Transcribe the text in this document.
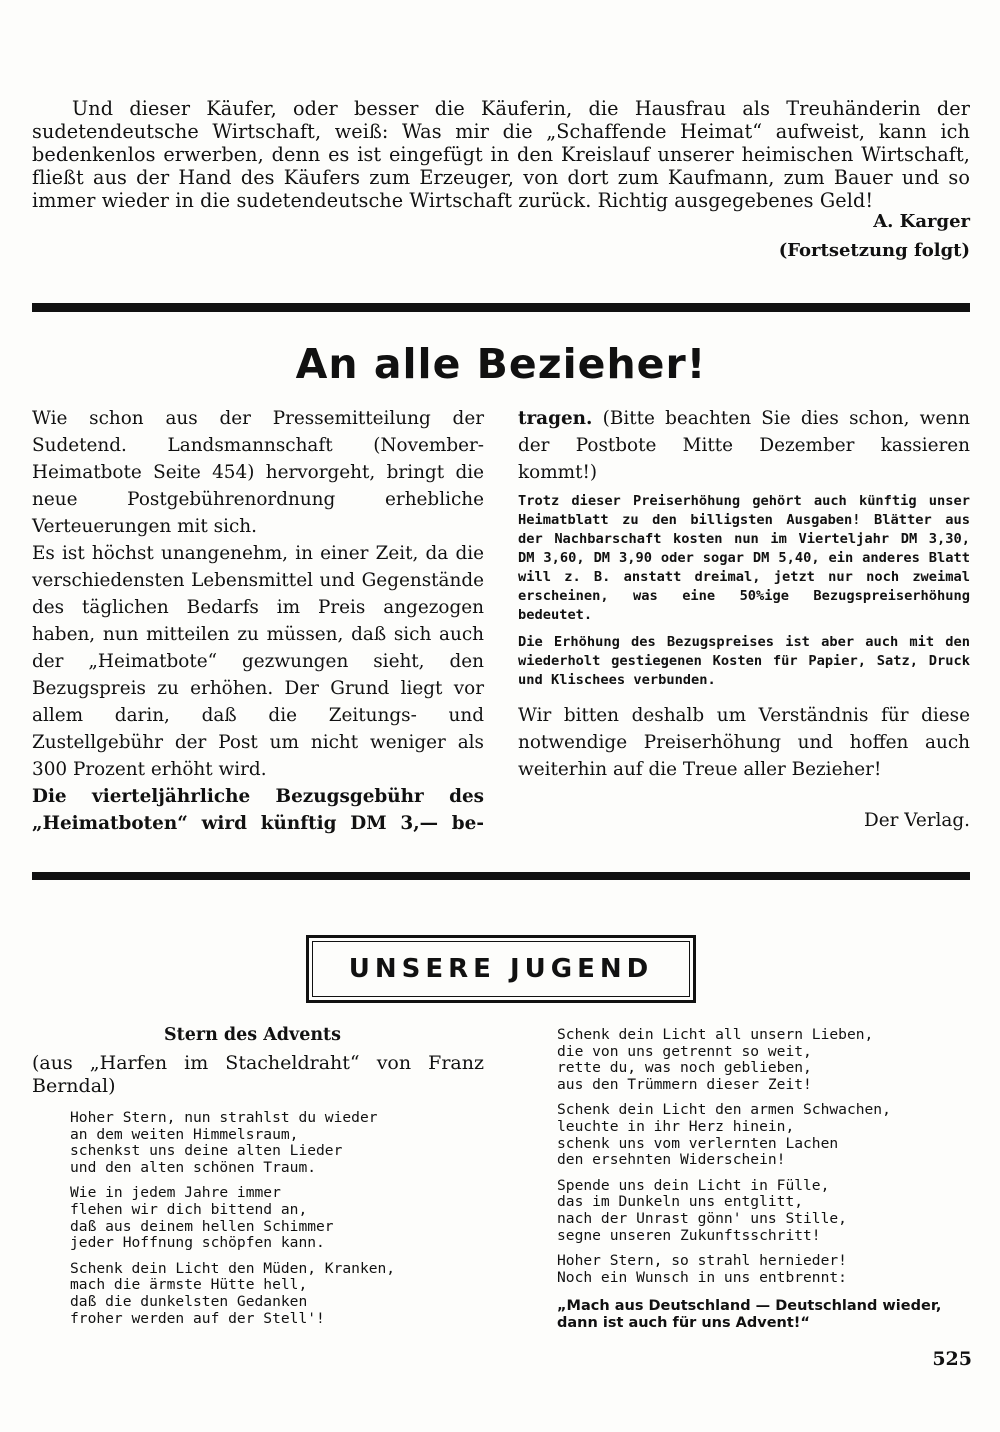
Und dieser Käufer, oder besser die Käuferin, die Hausfrau als Treuhänderin der sudetendeutsche Wirtschaft, weiß: Was mir die „Schaffende Heimat“ aufweist, kann ich bedenkenlos erwerben, denn es ist eingefügt in den Kreislauf unserer heimischen Wirtschaft, fließt aus der Hand des Käufers zum Erzeuger, von dort zum Kaufmann, zum Bauer und so immer wieder in die sudetendeutsche Wirtschaft zurück. Richtig ausgegebenes Geld!

A. Karger
(Fortsetzung folgt)
An alle Bezieher!

Wie schon aus der Pressemitteilung der Sudetend. Landsmannschaft (November-Heimatbote Seite 454) hervorgeht, bringt die neue Postgebührenordnung erhebliche Verteuerungen mit sich.

Es ist höchst unangenehm, in einer Zeit, da die verschiedensten Lebensmittel und Gegenstände des täglichen Bedarfs im Preis angezogen haben, nun mitteilen zu müssen, daß sich auch der „Heimatbote“ gezwungen sieht, den Bezugspreis zu erhöhen. Der Grund liegt vor allem darin, daß die Zeitungs- und Zustellgebühr der Post um nicht weniger als 300 Prozent erhöht wird.

Die vierteljährliche Bezugsgebühr des „Heimatboten“ wird künftig DM 3,— be-

tragen. (Bitte beachten Sie dies schon, wenn der Postbote Mitte Dezember kassieren kommt!)

Trotz dieser Preiserhöhung gehört auch künftig unser Heimatblatt zu den billigsten Ausgaben! Blätter aus der Nachbarschaft kosten nun im Vierteljahr DM 3,30, DM 3,60, DM 3,90 oder sogar DM 5,40, ein anderes Blatt will z. B. anstatt dreimal, jetzt nur noch zweimal erscheinen, was eine 50%ige Bezugspreiserhöhung bedeutet.

Die Erhöhung des Bezugspreises ist aber auch mit den wiederholt gestiegenen Kosten für Papier, Satz, Druck und Klischees verbunden.

Wir bitten deshalb um Verständnis für diese notwendige Preiserhöhung und hoffen auch weiterhin auf die Treue aller Bezieher!

Der Verlag.
UNSERE JUGEND
Stern des Advents
(aus „Harfen im Stacheldraht“ von Franz Berndal)
Hoher Stern, nun strahlst du wieder
an dem weiten Himmelsraum,
schenkst uns deine alten Lieder
und den alten schönen Traum.
Wie in jedem Jahre immer
flehen wir dich bittend an,
daß aus deinem hellen Schimmer
jeder Hoffnung schöpfen kann.
Schenk dein Licht den Müden, Kranken,
mach die ärmste Hütte hell,
daß die dunkelsten Gedanken
froher werden auf der Stell'!
Schenk dein Licht all unsern Lieben,
die von uns getrennt so weit,
rette du, was noch geblieben,
aus den Trümmern dieser Zeit!
Schenk dein Licht den armen Schwachen,
leuchte in ihr Herz hinein,
schenk uns vom verlernten Lachen
den ersehnten Widerschein!
Spende uns dein Licht in Fülle,
das im Dunkeln uns entglitt,
nach der Unrast gönn' uns Stille,
segne unseren Zukunftsschritt!
Hoher Stern, so strahl hernieder!
Noch ein Wunsch in uns entbrennt:
„Mach aus Deutschland — Deutschland wieder,
dann ist auch für uns Advent!“
525
